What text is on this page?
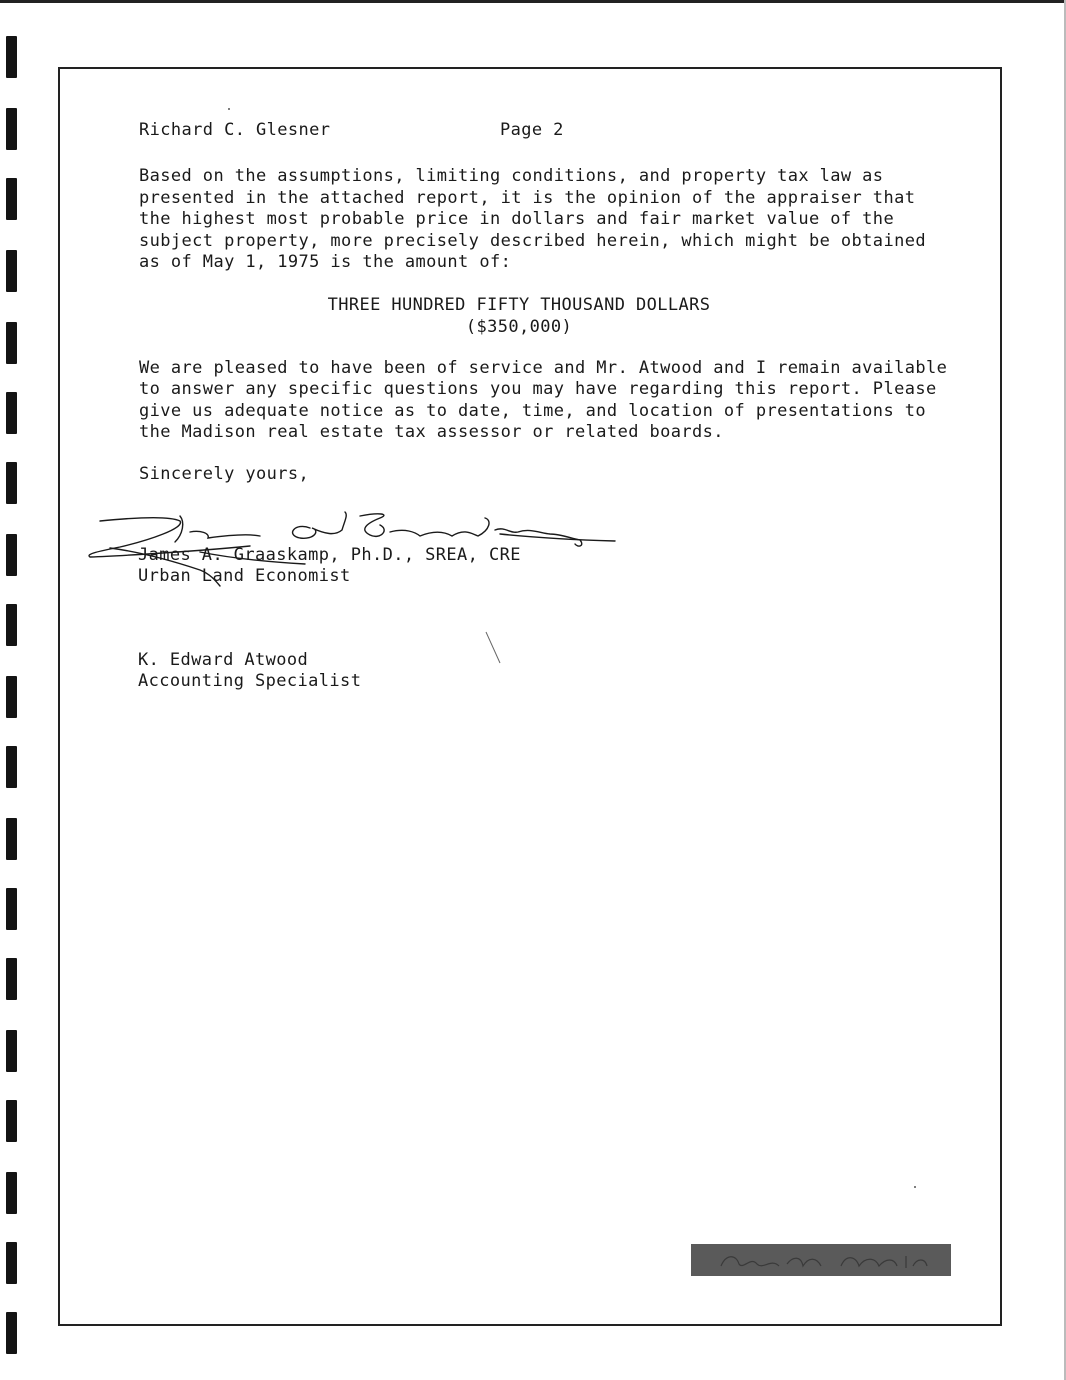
Richard C. Glesner	Page 2

Based on the assumptions, limiting conditions, and property tax law as
presented in the attached report, it is the opinion of the appraiser that
the highest most probable price in dollars and fair market value of the
subject property, more precisely described herein, which might be obtained
as of May 1, 1975 is the amount of:

THREE HUNDRED FIFTY THOUSAND DOLLARS
($350,000)

We are pleased to have been of service and Mr. Atwood and I remain available
to answer any specific questions you may have regarding this report. Please
give us adequate notice as to date, time, and location of presentations to
the Madison real estate tax assessor or related boards.

Sincerely yours,

James A. Graaskamp, Ph.D., SREA, CRE
Urban Land Economist
K. Edward Atwood
Accounting Specialist
